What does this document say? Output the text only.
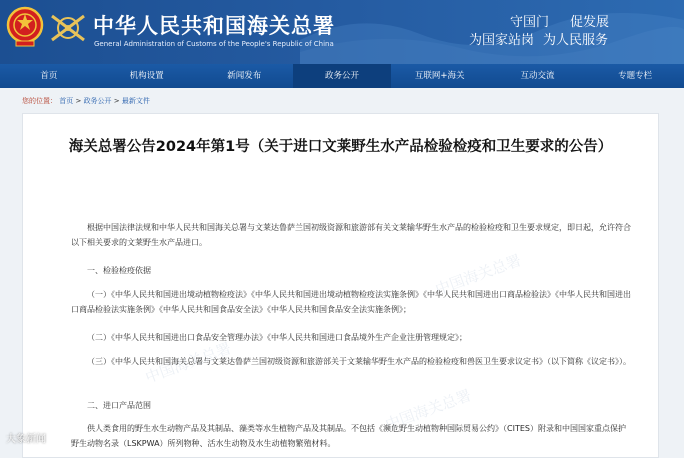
中华人民共和国海关总署
General Administration of Customs of the People's Republic of China
守国门 促发展
为国家站岗 为人民服务
首页	机构设置	新闻发布	政务公开	互联网+海关	互动交流	专题专栏
您的位置： 首页 > 政务公开 > 最新文件
中国海关总署
中国海关总署
中国海关总署
海关总署公告2024年第1号（关于进口文莱野生水产品检验检疫和卫生要求的公告）
根据中国法律法规和中华人民共和国海关总署与文莱达鲁萨兰国初级资源和旅游部有关文莱输华野生水产品的检验检疫和卫生要求规定，即日起，允许符合以下相关要求的文莱野生水产品进口。
一、检验检疫依据
（一）《中华人民共和国进出境动植物检疫法》《中华人民共和国进出境动植物检疫法实施条例》《中华人民共和国进出口商品检验法》《中华人民共和国进出口商品检验法实施条例》《中华人民共和国食品安全法》《中华人民共和国食品安全法实施条例》；
（二）《中华人民共和国进出口食品安全管理办法》《中华人民共和国进口食品境外生产企业注册管理规定》；
（三）《中华人民共和国海关总署与文莱达鲁萨兰国初级资源和旅游部关于文莱输华野生水产品的检验检疫和兽医卫生要求议定书》（以下简称《议定书》）。
二、进口产品范围
供人类食用的野生水生动物产品及其制品、藻类等水生植物产品及其制品。不包括《濒危野生动植物种国际贸易公约》（CITES）附录和中国国家重点保护野生动物名录（LSKPWA）所列物种、活水生动物及水生动植物繁殖材料。
大象新闻
